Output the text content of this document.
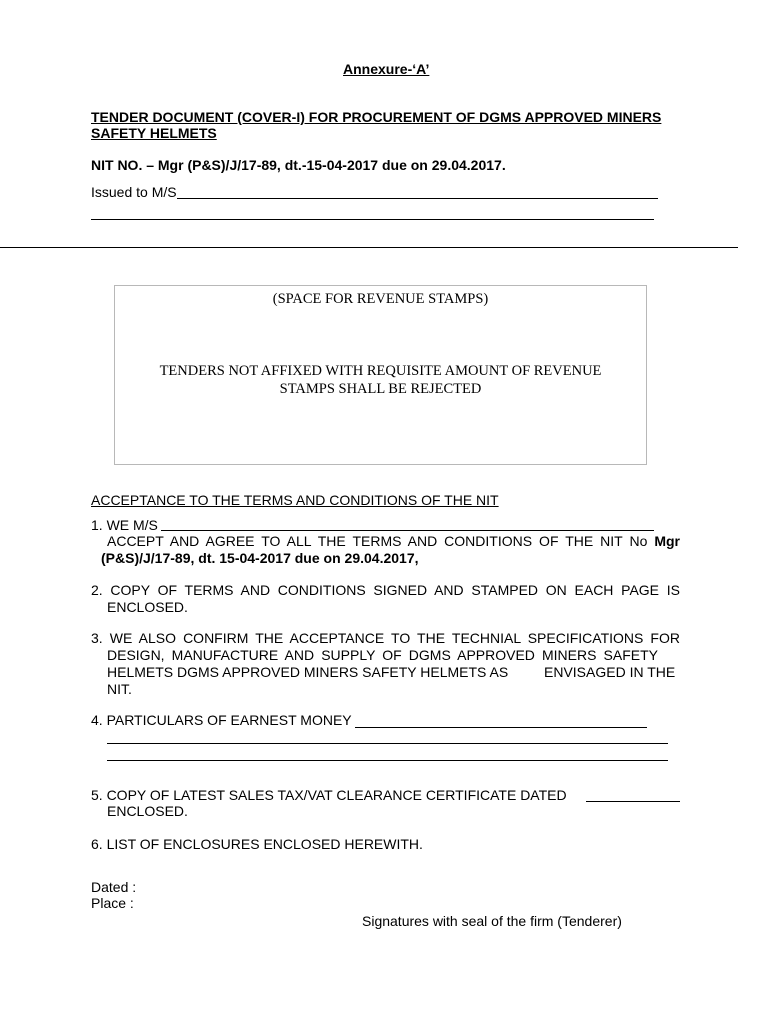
Annexure-‘A’
TENDER DOCUMENT (COVER-I) FOR PROCUREMENT OF DGMS APPROVED MINERS
SAFETY HELMETS
NIT NO. – Mgr (P&S)/J/17-89, dt.-15-04-2017 due on 29.04.2017.
Issued to M/S
(SPACE FOR REVENUE STAMPS)
TENDERS NOT AFFIXED WITH REQUISITE AMOUNT OF REVENUE
STAMPS SHALL BE REJECTED
ACCEPTANCE TO THE TERMS AND CONDITIONS OF THE NIT
1. WE M/S
ACCEPT AND AGREE TO ALL THE TERMS AND CONDITIONS OF THE NIT No Mgr
(P&S)/J/17-89, dt. 15-04-2017 due on 29.04.2017,
2. COPY OF TERMS AND CONDITIONS SIGNED AND STAMPED ON EACH PAGE IS
ENCLOSED.
3. WE ALSO CONFIRM THE ACCEPTANCE TO THE TECHNIAL SPECIFICATIONS FOR
DESIGN, MANUFACTURE AND SUPPLY OF DGMS APPROVED MINERS SAFETY
HELMETS DGMS APPROVED MINERS SAFETY HELMETS AS	ENVISAGED IN THE
NIT.
4. PARTICULARS OF EARNEST MONEY
5. COPY OF LATEST SALES TAX/VAT CLEARANCE CERTIFICATE DATED
ENCLOSED.
6. LIST OF ENCLOSURES ENCLOSED HEREWITH.
Dated :
Place :
Signatures with seal of the firm (Tenderer)
